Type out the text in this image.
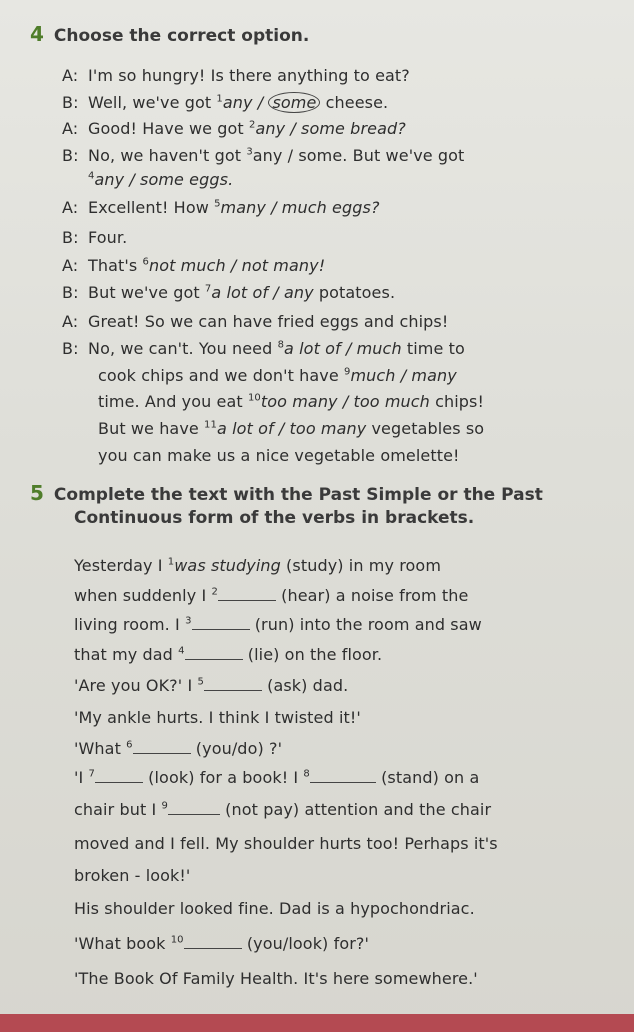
4 Choose the correct option.
A: I'm so hungry! Is there anything to eat?
B: Well, we've got $^1$any / some cheese.
A: Good! Have we got $^2$any / some bread?
B: No, we haven't got $^3$any / some. But we've got
$^4$any / some eggs.
A: Excellent! How $^5$many / much eggs?
B: Four.
A: That's $^6$not much / not many!
B: But we've got $^7$a lot of / any potatoes.
A: Great! So we can have fried eggs and chips!
B: No, we can't. You need $^8$a lot of / much time to
cook chips and we don't have $^9$much / many
time. And you eat $^{10}$too many / too much chips!
But we have $^{11}$a lot of / too many vegetables so
you can make us a nice vegetable omelette!
5 Complete the text with the Past Simple or the Past
Continuous form of the verbs in brackets.
Yesterday I $^1$was studying (study) in my room
when suddenly I $^2$	(hear) a noise from the
living room. I $^3$	(run) into the room and saw
that my dad $^4$	(lie) on the floor.
'Are you OK?' I $^5$	(ask) dad.
'My ankle hurts. I think I twisted it!'
'What $^6$	(you/do) ?'
'I $^7$	(look) for a book! I $^8$	(stand) on a
chair but I $^9$	(not pay) attention and the chair
moved and I fell. My shoulder hurts too! Perhaps it's
broken - look!'
His shoulder looked fine. Dad is a hypochondriac.
'What book $^{10}$	(you/look) for?'
'The Book Of Family Health. It's here somewhere.'
